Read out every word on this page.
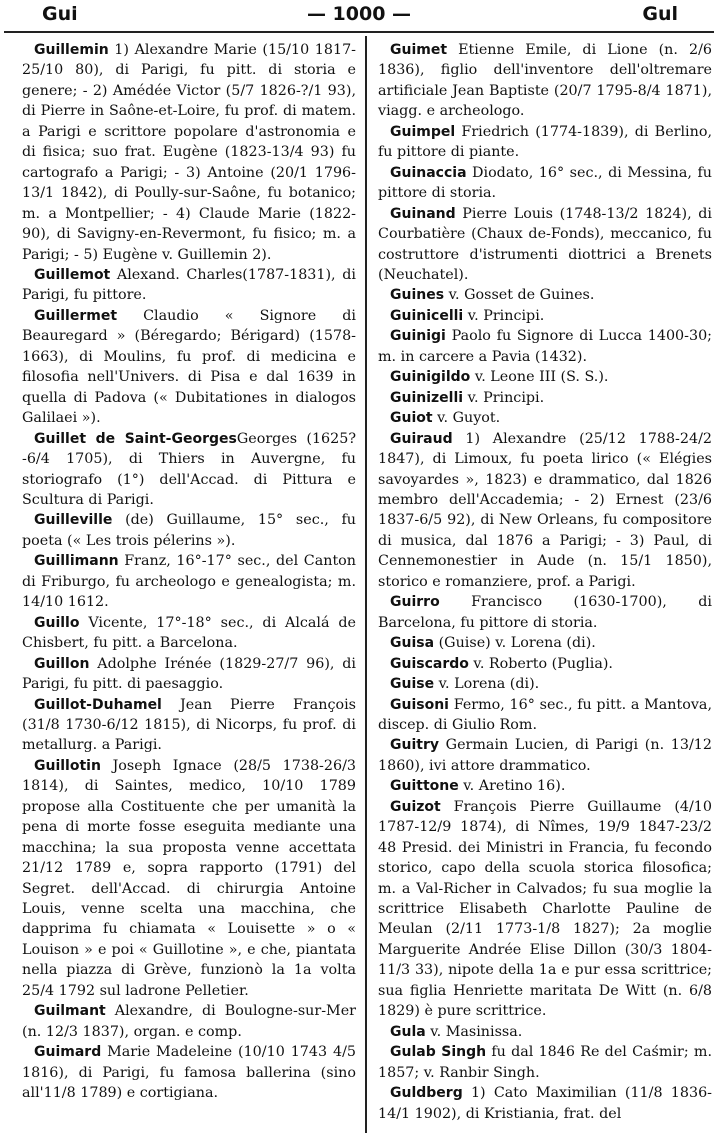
Gui	— 1000 —	Gul

Guillemin 1) Alexandre Marie (15/10 1817-25/10 80), di Parigi, fu pitt. di storia e genere; - 2) Amédée Victor (5/7 1826-?/1 93), di Pierre in Saône-et-Loire, fu prof. di matem. a Parigi e scrittore popolare d'astronomia e di fisica; suo frat. Eugène (1823-13/4 93) fu cartografo a Parigi; - 3) Antoine (20/1 1796-13/1 1842), di Poully-sur-Saône, fu botanico; m. a Montpellier; - 4) Claude Marie (1822-90), di Savigny-en-Revermont, fu fisico; m. a Parigi; - 5) Eugène v. Guillemin 2).

Guillemot Alexand. Charles(1787-1831), di Parigi, fu pittore.

Guillermet Claudio « Signore di Beauregard » (Béregardo; Bérigard) (1578-1663), di Moulins, fu prof. di medicina e filosofia nell'Univers. di Pisa e dal 1639 in quella di Padova (« Dubitationes in dialogos Galilaei »).

Guillet de Saint-GeorgesGeorges (1625?-6/4 1705), di Thiers in Auvergne, fu storiografo (1°) dell'Accad. di Pittura e Scultura di Parigi.

Guilleville (de) Guillaume, 15° sec., fu poeta (« Les trois pélerins »).

Guillimann Franz, 16°-17° sec., del Canton di Friburgo, fu archeologo e genealogista; m. 14/10 1612.

Guillo Vicente, 17°-18° sec., di Alcalá de Chisbert, fu pitt. a Barcelona.

Guillon Adolphe Irénée (1829-27/7 96), di Parigi, fu pitt. di paesaggio.

Guillot-Duhamel Jean Pierre François (31/8 1730-6/12 1815), di Nicorps, fu prof. di metallurg. a Parigi.

Guillotin Joseph Ignace (28/5 1738-26/3 1814), di Saintes, medico, 10/10 1789 propose alla Costituente che per umanità la pena di morte fosse eseguita mediante una macchina; la sua proposta venne accettata 21/12 1789 e, sopra rapporto (1791) del Segret. dell'Accad. di chirurgia Antoine Louis, venne scelta una macchina, che dapprima fu chiamata « Louisette » o « Louison » e poi « Guillotine », e che, piantata nella piazza di Grève, funzionò la 1a volta 25/4 1792 sul ladrone Pelletier.

Guilmant Alexandre, di Boulogne-sur-Mer (n. 12/3 1837), organ. e comp.

Guimard Marie Madeleine (10/10 1743 4/5 1816), di Parigi, fu famosa ballerina (sino all'11/8 1789) e cortigiana.

Guimet Etienne Emile, di Lione (n. 2/6 1836), figlio dell'inventore dell'oltremare artificiale Jean Baptiste (20/7 1795-8/4 1871), viagg. e archeologo.

Guimpel Friedrich (1774-1839), di Berlino, fu pittore di piante.

Guinaccia Diodato, 16° sec., di Messina, fu pittore di storia.

Guinand Pierre Louis (1748-13/2 1824), di Courbatière (Chaux de-Fonds), meccanico, fu costruttore d'istrumenti diottrici a Brenets (Neuchatel).

Guines v. Gosset de Guines.

Guinicelli v. Principi.

Guinigi Paolo fu Signore di Lucca 1400-30; m. in carcere a Pavia (1432).

Guinigildo v. Leone III (S. S.).

Guinizelli v. Principi.

Guiot v. Guyot.

Guiraud 1) Alexandre (25/12 1788-24/2 1847), di Limoux, fu poeta lirico (« Elégies savoyardes », 1823) e drammatico, dal 1826 membro dell'Accademia; - 2) Ernest (23/6 1837-6/5 92), di New Orleans, fu compositore di musica, dal 1876 a Parigi; - 3) Paul, di Cennemonestier in Aude (n. 15/1 1850), storico e romanziere, prof. a Parigi.

Guirro Francisco (1630-1700), di Barcelona, fu pittore di storia.

Guisa (Guise) v. Lorena (di).

Guiscardo v. Roberto (Puglia).

Guise v. Lorena (di).

Guisoni Fermo, 16° sec., fu pitt. a Mantova, discep. di Giulio Rom.

Guitry Germain Lucien, di Parigi (n. 13/12 1860), ivi attore drammatico.

Guittone v. Aretino 16).

Guizot François Pierre Guillaume (4/10 1787-12/9 1874), di Nîmes, 19/9 1847-23/2 48 Presid. dei Ministri in Francia, fu fecondo storico, capo della scuola storica filosofica; m. a Val-Richer in Calvados; fu sua moglie la scrittrice Elisabeth Charlotte Pauline de Meulan (2/11 1773-1/8 1827); 2a moglie Marguerite Andrée Elise Dillon (30/3 1804-11/3 33), nipote della 1a e pur essa scrittrice; sua figlia Henriette maritata De Witt (n. 6/8 1829) è pure scrittrice.

Gula v. Masinissa.

Gulab Singh fu dal 1846 Re del Caśmir; m. 1857; v. Ranbir Singh.

Guldberg 1) Cato Maximilian (11/8 1836-14/1 1902), di Kristiania, frat. del
